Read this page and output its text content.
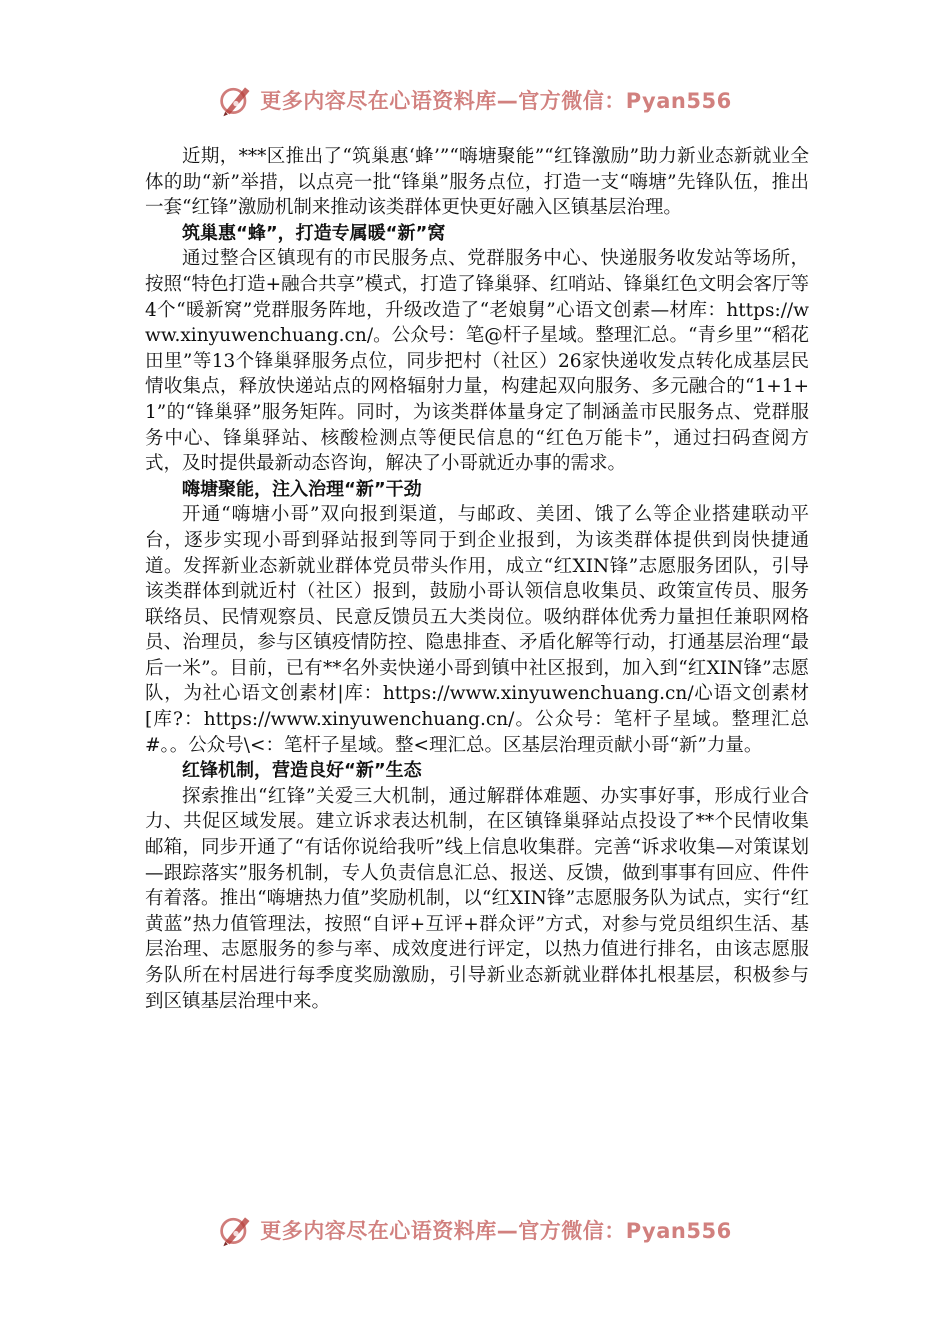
更多内容尽在心语资料库—官方微信：Pyan556

近期，***区推出了“筑巢惠‘蜂’”“嗨塘聚能”“红锋激励”助力新业态新就业全体的助“新”举措，以点亮一批“锋巢”服务点位，打造一支“嗨塘”先锋队伍，推出一套“红锋”激励机制来推动该类群体更快更好融入区镇基层治理。

筑巢惠“蜂”，打造专属暖“新”窝

通过整合区镇现有的市民服务点、党群服务中心、快递服务收发站等场所，按照“特色打造+融合共享”模式，打造了锋巢驿、红哨站、锋巢红色文明会客厅等4个“暖新窝”党群服务阵地，升级改造了“老娘舅”心语文创素—材库：https://www.xinyuwenchuang.cn/。公众号：笔@杆子星域。整理汇总。“青乡里”“稻花田里”等13个锋巢驿服务点位，同步把村（社区）26家快递收发点转化成基层民情收集点，释放快递站点的网格辐射力量，构建起双向服务、多元融合的“1+1+1”的“锋巢驿”服务矩阵。同时，为该类群体量身定了制涵盖市民服务点、党群服务中心、锋巢驿站、核酸检测点等便民信息的“红色万能卡”，通过扫码查阅方式，及时提供最新动态咨询，解决了小哥就近办事的需求。

嗨塘聚能，注入治理“新”干劲

开通“嗨塘小哥”双向报到渠道，与邮政、美团、饿了么等企业搭建联动平台，逐步实现小哥到驿站报到等同于到企业报到，为该类群体提供到岗快捷通道。发挥新业态新就业群体党员带头作用，成立“红XIN锋”志愿服务团队，引导该类群体到就近村（社区）报到，鼓励小哥认领信息收集员、政策宣传员、服务联络员、民情观察员、民意反馈员五大类岗位。吸纳群体优秀力量担任兼职网格员、治理员，参与区镇疫情防控、隐患排查、矛盾化解等行动，打通基层治理“最后一米”。目前，已有**名外卖快递小哥到镇中社区报到，加入到“红XIN锋”志愿队，为社心语文创素材|库：https://www.xinyuwenchuang.cn/心语文创素材[库?：https://www.xinyuwenchuang.cn/。公众号：笔杆子星域。整理汇总#。。公众号\<：笔杆子星域。整<理汇总。区基层治理贡献小哥“新”力量。

红锋机制，营造良好“新”生态

探索推出“红锋”关爱三大机制，通过解群体难题、办实事好事，形成行业合力、共促区域发展。建立诉求表达机制，在区镇锋巢驿站点投设了**个民情收集邮箱，同步开通了“有话你说给我听”线上信息收集群。完善“诉求收集—对策谋划—跟踪落实”服务机制，专人负责信息汇总、报送、反馈，做到事事有回应、件件有着落。推出“嗨塘热力值”奖励机制，以“红XIN锋”志愿服务队为试点，实行“红黄蓝”热力值管理法，按照“自评+互评+群众评”方式，对参与党员组织生活、基层治理、志愿服务的参与率、成效度进行评定，以热力值进行排名，由该志愿服务队所在村居进行每季度奖励激励，引导新业态新就业群体扎根基层，积极参与到区镇基层治理中来。

更多内容尽在心语资料库—官方微信：Pyan556
